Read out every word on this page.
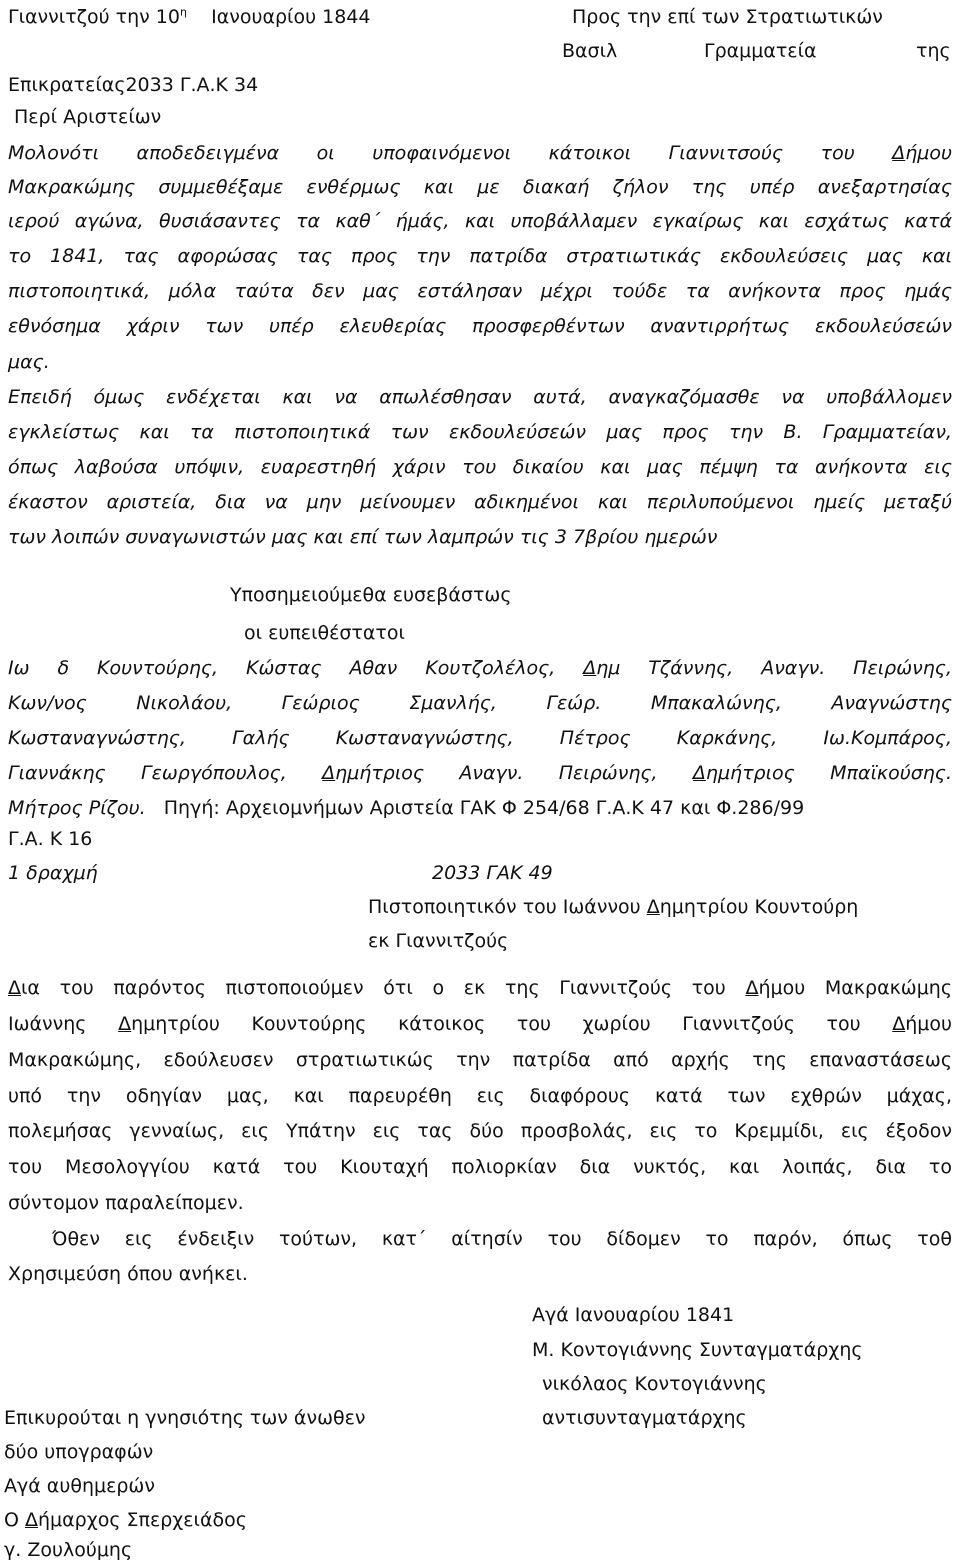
Γιαννιτζού την $10^\eta$ Ιανουαρίου 1844	Προς την επί των Στρατιωτικών
Βασιλ	Γραμματεία	της
Επικρατείας2033 Γ.Α.Κ 34
Περί Αριστείων
Μολονότι αποδεδειγμένα οι υποφαινόμενοι κάτοικοι Γιαννιτσούς του Δήμου
Μακρακώμης συμμεθέξαμε ενθέρμως και με διακαή ζήλον της υπέρ ανεξαρτησίας
ιερού αγώνα, θυσιάσαντες τα καθ΄ ήμάς, και υποβάλλαμεν εγκαίρως και εσχάτως κατά
το 1841, τας αφορώσας τας προς την πατρίδα στρατιωτικάς εκδουλεύσεις μας και
πιστοποιητικά, μόλα ταύτα δεν μας εστάλησαν μέχρι τούδε τα ανήκοντα προς ημάς
εθνόσημα χάριν των υπέρ ελευθερίας προσφερθέντων αναντιρρήτως εκδουλεύσεών
μας.
Επειδή όμως ενδέχεται και να απωλέσθησαν αυτά, αναγκαζόμασθε να υποβάλλομεν
εγκλείστως και τα πιστοποιητικά των εκδουλεύσεών μας προς την Β. Γραμματείαν,
όπως λαβούσα υπόψιν, ευαρεστηθή χάριν του δικαίου και μας πέμψη τα ανήκοντα εις
έκαστον αριστεία, δια να μην μείνουμεν αδικημένοι και περιλυπούμενοι ημείς μεταξύ
των λοιπών συναγωνιστών μας και επί των λαμπρών τις 3 7βρίου ημερών
Υποσημειούμεθα ευσεβάστως
οι ευπειθέστατοι
Ιω δ Κουντούρης, Κώστας Αθαν Κουτζολέλος, Δημ Τζάννης, Αναγν. Πειρώνης,
Κων/νος Νικολάου, Γεώριος Σμανλής, Γεώρ. Μπακαλώνης, Αναγνώστης
Κωσταναγνώστης, Γαλής Κωσταναγνώστης, Πέτρος Καρκάνης, Ιω.Κομπάρος,
Γιαννάκης Γεωργόπουλος, Δημήτριος Αναγν. Πειρώνης, Δημήτριος Μπαϊκούσης.
Μήτρος Ρίζου. Πηγή: Αρχειομνήμων Αριστεία ΓΑΚ Φ 254/68 Γ.Α.Κ 47 και Φ.286/99
Γ.Α. Κ 16
1 δραχμή	2033 ΓΑΚ 49
Πιστοποιητικόν του Ιωάννου Δημητρίου Κουντούρη
εκ Γιαννιτζούς
Δια του παρόντος πιστοποιούμεν ότι ο εκ της Γιαννιτζούς του Δήμου Μακρακώμης
Ιωάννης Δημητρίου Κουντούρης κάτοικος του χωρίου Γιαννιτζούς του Δήμου
Μακρακώμης, εδούλευσεν στρατιωτικώς την πατρίδα από αρχής της επαναστάσεως
υπό την οδηγίαν μας, και παρευρέθη εις διαφόρους κατά των εχθρών μάχας,
πολεμήσας γενναίως, εις Υπάτην εις τας δύο προσβολάς, εις το Κρεμμίδι, εις έξοδον
του Μεσολογγίου κατά του Κιουταχή πολιορκίαν δια νυκτός, και λοιπάς, δια το
σύντομον παραλείπομεν.
Όθεν εις ένδειξιν τούτων, κατ΄ αίτησίν του δίδομεν το παρόν, όπως τοθ
Χρησιμεύση όπου ανήκει.
Αγά Ιανουαρίου 1841
Μ. Κοντογιάννης Συνταγματάρχης
νικόλαος Κοντογιάννης
αντισυνταγματάρχης
Επικυρούται η γνησιότης των άνωθεν
δύο υπογραφών
Αγά αυθημερών
Ο Δήμαρχος Σπερχειάδος
γ. Ζουλούμης
